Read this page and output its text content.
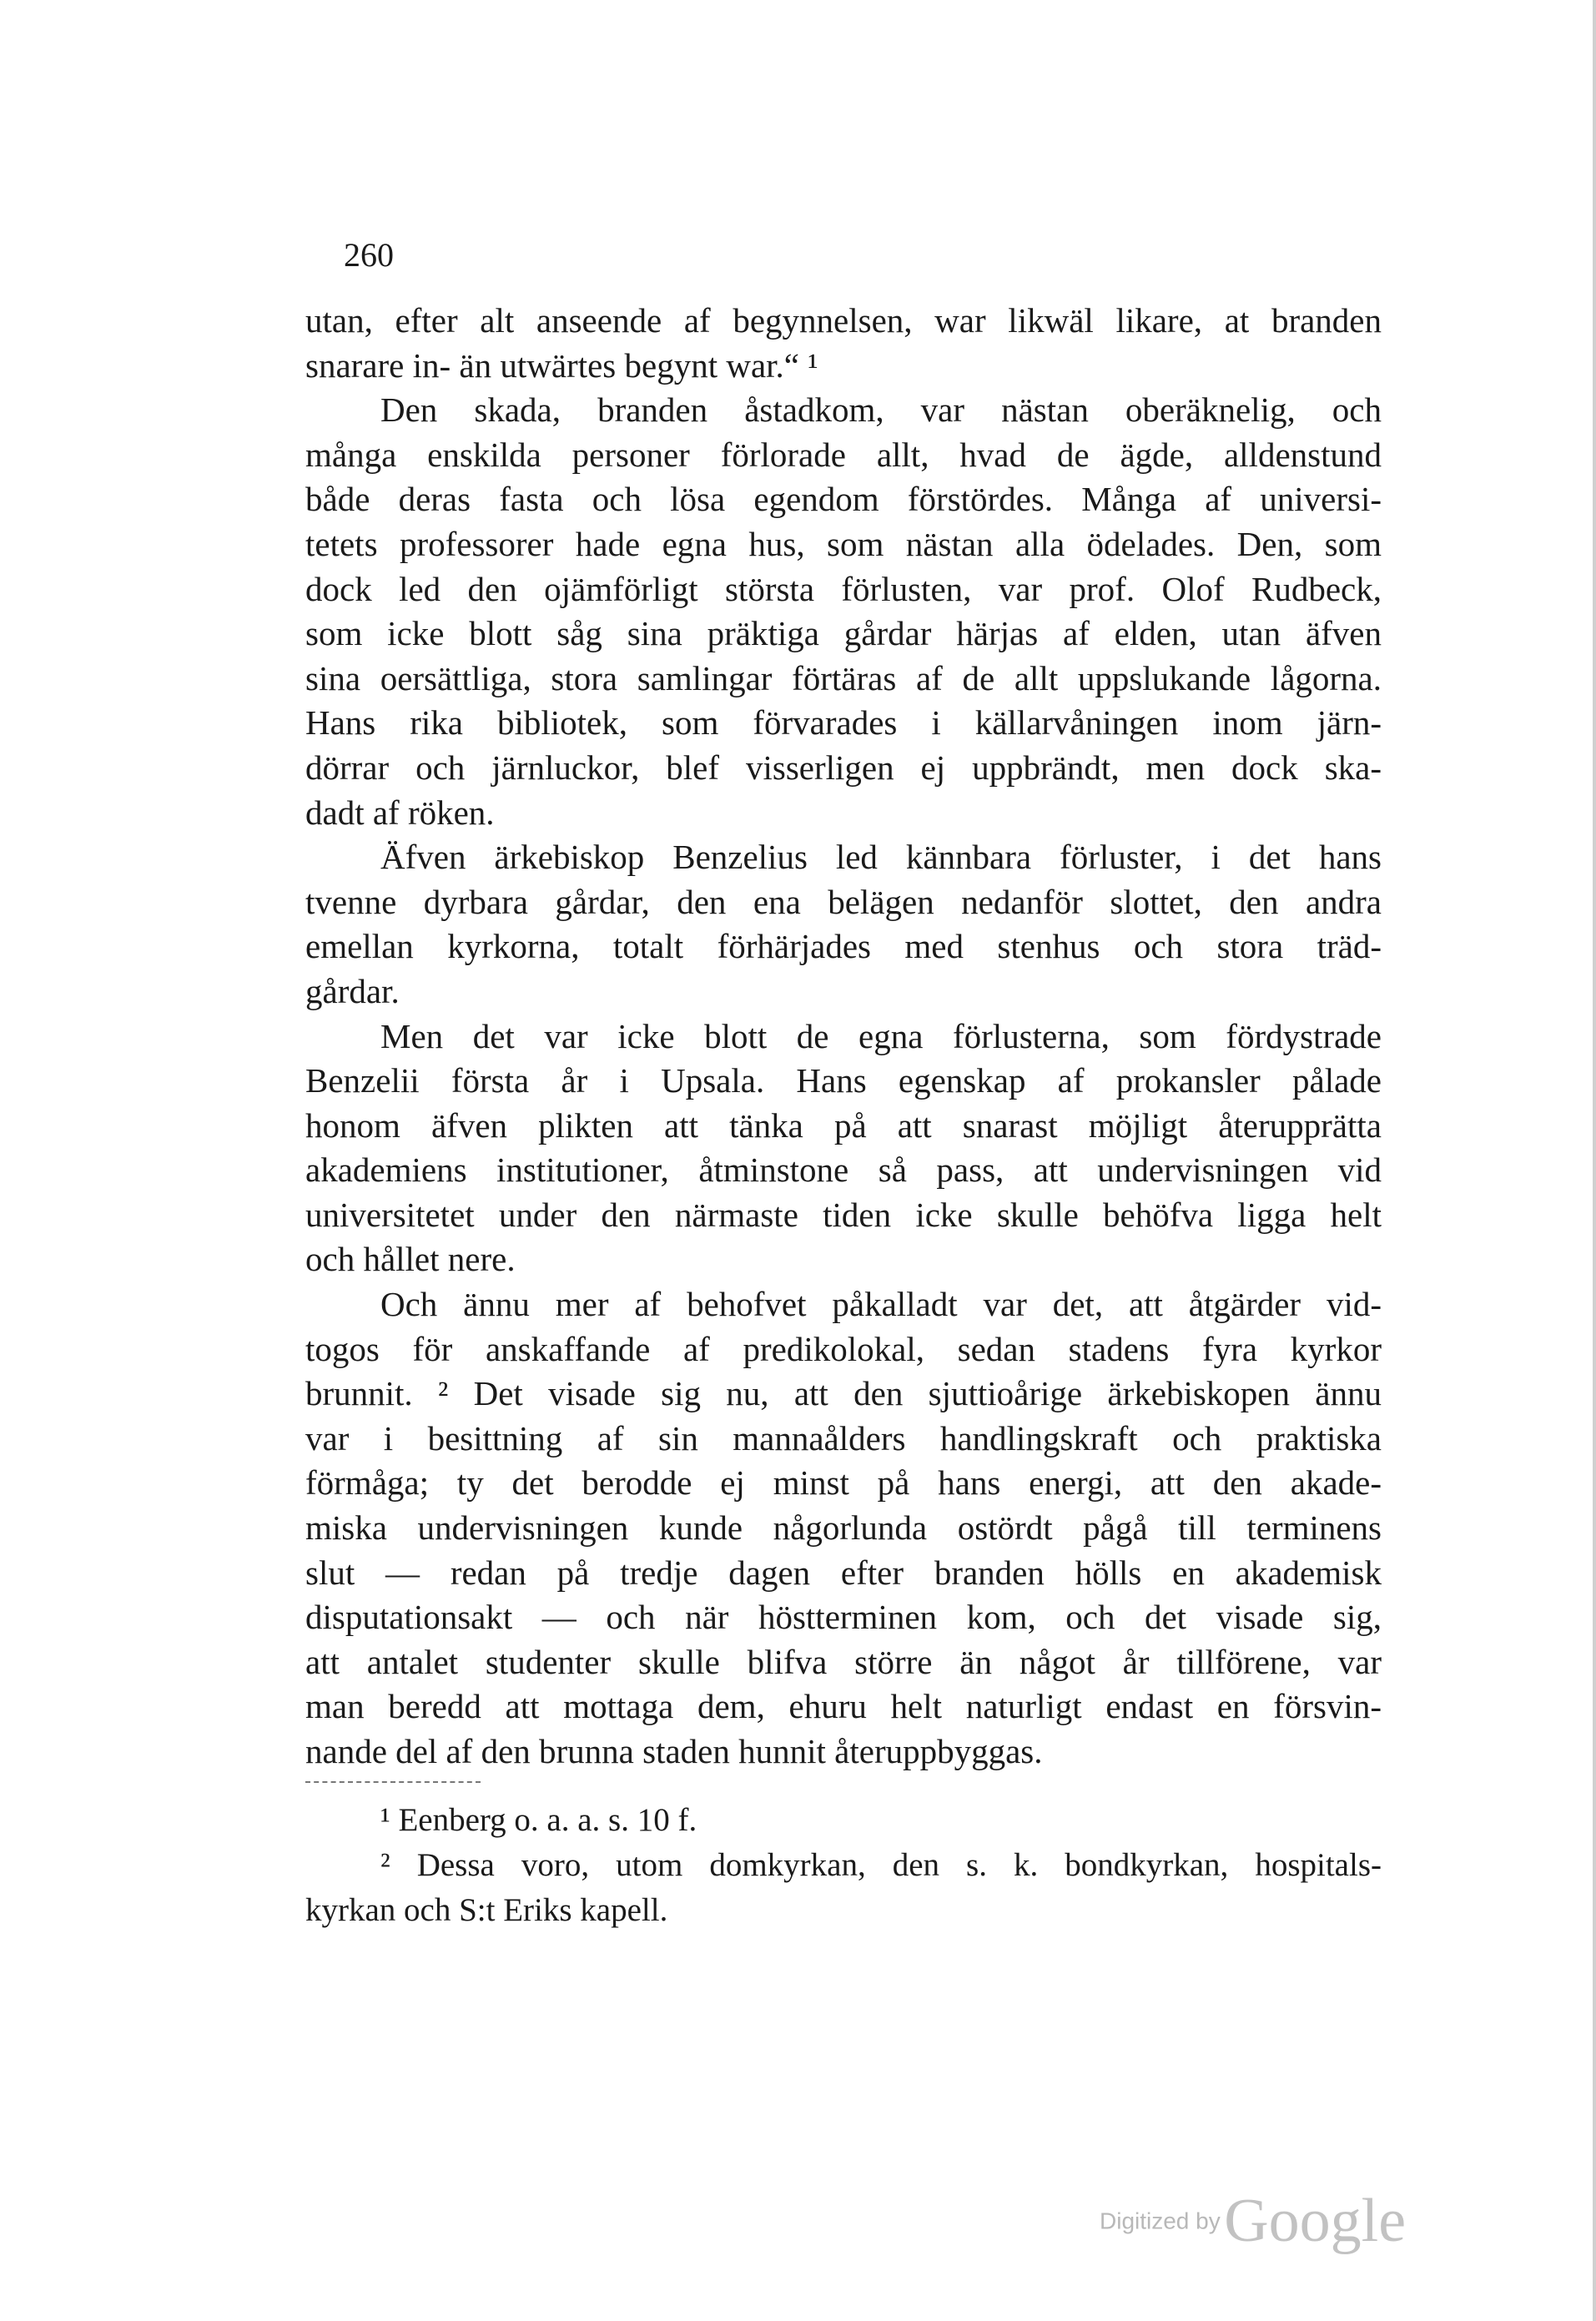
260
utan, efter alt anseende af begynnelsen, war likwäl likare, at branden
snarare in- än utwärtes begynt war.“ ¹
Den skada, branden åstadkom, var nästan oberäknelig, och
många enskilda personer förlorade allt, hvad de ägde, alldenstund
både deras fasta och lösa egendom förstördes. Många af universi-
tetets professorer hade egna hus, som nästan alla ödelades. Den, som
dock led den ojämförligt största förlusten, var prof. Olof Rudbeck,
som icke blott såg sina präktiga gårdar härjas af elden, utan äfven
sina oersättliga, stora samlingar förtäras af de allt uppslukande lågorna.
Hans rika bibliotek, som förvarades i källarvåningen inom järn-
dörrar och järnluckor, blef visserligen ej uppbrändt, men dock ska-
dadt af röken.
Äfven ärkebiskop Benzelius led kännbara förluster, i det hans
tvenne dyrbara gårdar, den ena belägen nedanför slottet, den andra
emellan kyrkorna, totalt förhärjades med stenhus och stora träd-
gårdar.
Men det var icke blott de egna förlusterna, som fördystrade
Benzelii första år i Upsala. Hans egenskap af prokansler pålade
honom äfven plikten att tänka på att snarast möjligt återupprätta
akademiens institutioner, åtminstone så pass, att undervisningen vid
universitetet under den närmaste tiden icke skulle behöfva ligga helt
och hållet nere.
Och ännu mer af behofvet påkalladt var det, att åtgärder vid-
togos för anskaffande af predikolokal, sedan stadens fyra kyrkor
brunnit. ² Det visade sig nu, att den sjuttioårige ärkebiskopen ännu
var i besittning af sin mannaålders handlingskraft och praktiska
förmåga; ty det berodde ej minst på hans energi, att den akade-
miska undervisningen kunde någorlunda ostördt pågå till terminens
slut — redan på tredje dagen efter branden hölls en akademisk
disputationsakt — och när höstterminen kom, och det visade sig,
att antalet studenter skulle blifva större än något år tillförene, var
man beredd att mottaga dem, ehuru helt naturligt endast en försvin-
nande del af den brunna staden hunnit återuppbyggas.
¹ Eenberg o. a. a. s. 10 f.
² Dessa voro, utom domkyrkan, den s. k. bondkyrkan, hospitals-
kyrkan och S:t Eriks kapell.
Digitized by Google
